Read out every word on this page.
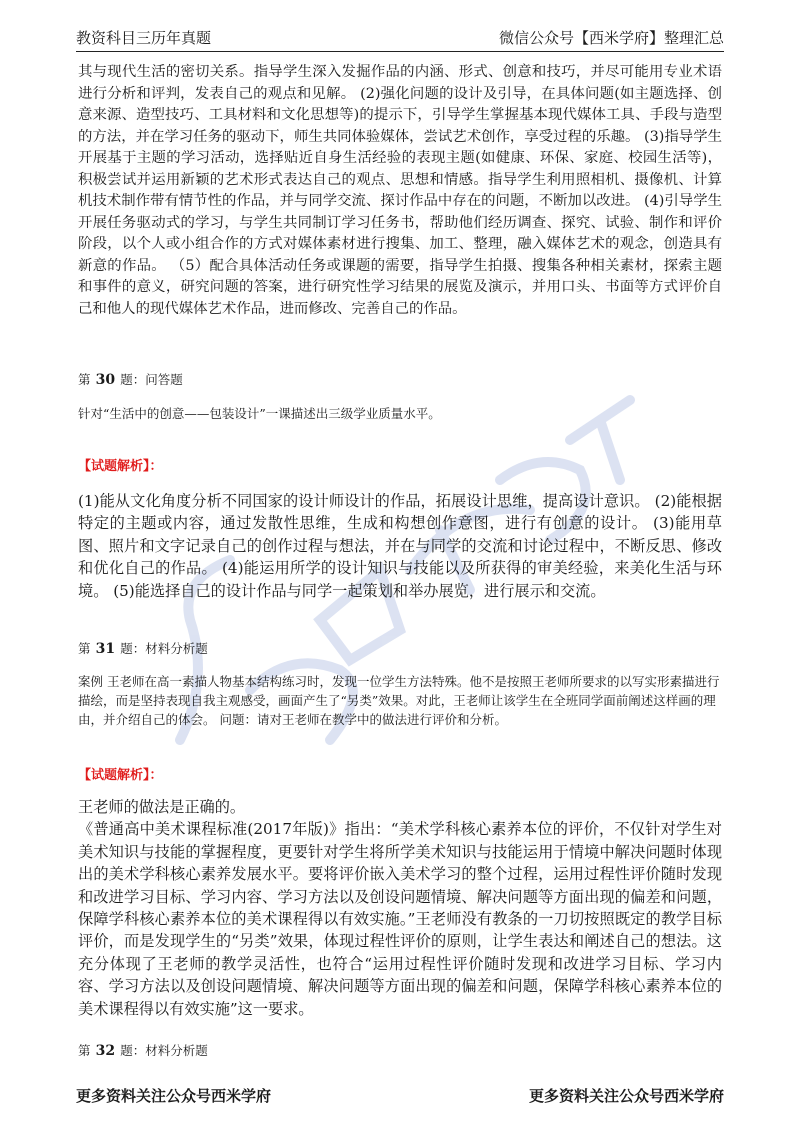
教资科目三历年真题	微信公众号【西米学府】整理汇总

其与现代生活的密切关系。指导学生深入发掘作品的内涵、形式、创意和技巧，并尽可能用专业术语进行分析和评判，发表自己的观点和见解。 (2)强化问题的设计及引导，在具体问题(如主题选择、创意来源、造型技巧、工具材料和文化思想等)的提示下，引导学生掌握基本现代媒体工具、手段与造型的方法，并在学习任务的驱动下，师生共同体验媒体，尝试艺术创作，享受过程的乐趣。 (3)指导学生开展基于主题的学习活动，选择贴近自身生活经验的表现主题(如健康、环保、家庭、校园生活等)，积极尝试并运用新颖的艺术形式表达自己的观点、思想和情感。指导学生利用照相机、摄像机、计算机技术制作带有情节性的作品，并与同学交流、探讨作品中存在的问题，不断加以改进。 (4)引导学生开展任务驱动式的学习，与学生共同制订学习任务书，帮助他们经历调查、探究、试验、制作和评价阶段，以个人或小组合作的方式对媒体素材进行搜集、加工、整理，融入媒体艺术的观念，创造具有新意的作品。 （5）配合具体活动任务或课题的需要，指导学生拍摄、搜集各种相关素材，探索主题和事件的意义，研究问题的答案，进行研究性学习结果的展览及演示，并用口头、书面等方式评价自己和他人的现代媒体艺术作品，进而修改、完善自己的作品。

第 30 题：问答题

针对“生活中的创意——包装设计”一课描述出三级学业质量水平。

【试题解析】：

(1)能从文化角度分析不同国家的设计师设计的作品，拓展设计思维，提高设计意识。 (2)能根据特定的主题或内容，通过发散性思维，生成和构想创作意图，进行有创意的设计。 (3)能用草图、照片和文字记录自己的创作过程与想法，并在与同学的交流和讨论过程中，不断反思、修改和优化自己的作品。 (4)能运用所学的设计知识与技能以及所获得的审美经验，来美化生活与环境。 (5)能选择自己的设计作品与同学一起策划和举办展览，进行展示和交流。

第 31 题：材料分析题

案例 王老师在高一素描人物基本结构练习时，发现一位学生方法特殊。他不是按照王老师所要求的以写实形素描进行描绘，而是坚持表现自我主观感受，画面产生了“另类”效果。对此，王老师让该学生在全班同学面前阐述这样画的理由，并介绍自己的体会。 问题：请对王老师在教学中的做法进行评价和分析。

【试题解析】：

王老师的做法是正确的。

《普通高中美术课程标准(2017年版)》指出：“美术学科核心素养本位的评价，不仅针对学生对美术知识与技能的掌握程度，更要针对学生将所学美术知识与技能运用于情境中解决问题时体现出的美术学科核心素养发展水平。要将评价嵌入美术学习的整个过程，运用过程性评价随时发现和改进学习目标、学习内容、学习方法以及创设问题情境、解决问题等方面出现的偏差和问题，保障学科核心素养本位的美术课程得以有效实施。”王老师没有教条的一刀切按照既定的教学目标评价，而是发现学生的“另类”效果，体现过程性评价的原则，让学生表达和阐述自己的想法。这充分体现了王老师的教学灵活性，也符合“运用过程性评价随时发现和改进学习目标、学习内容、学习方法以及创设问题情境、解决问题等方面出现的偏差和问题，保障学科核心素养本位的美术课程得以有效实施”这一要求。

第 32 题：材料分析题
更多资料关注公众号西米学府	更多资料关注公众号西米学府
